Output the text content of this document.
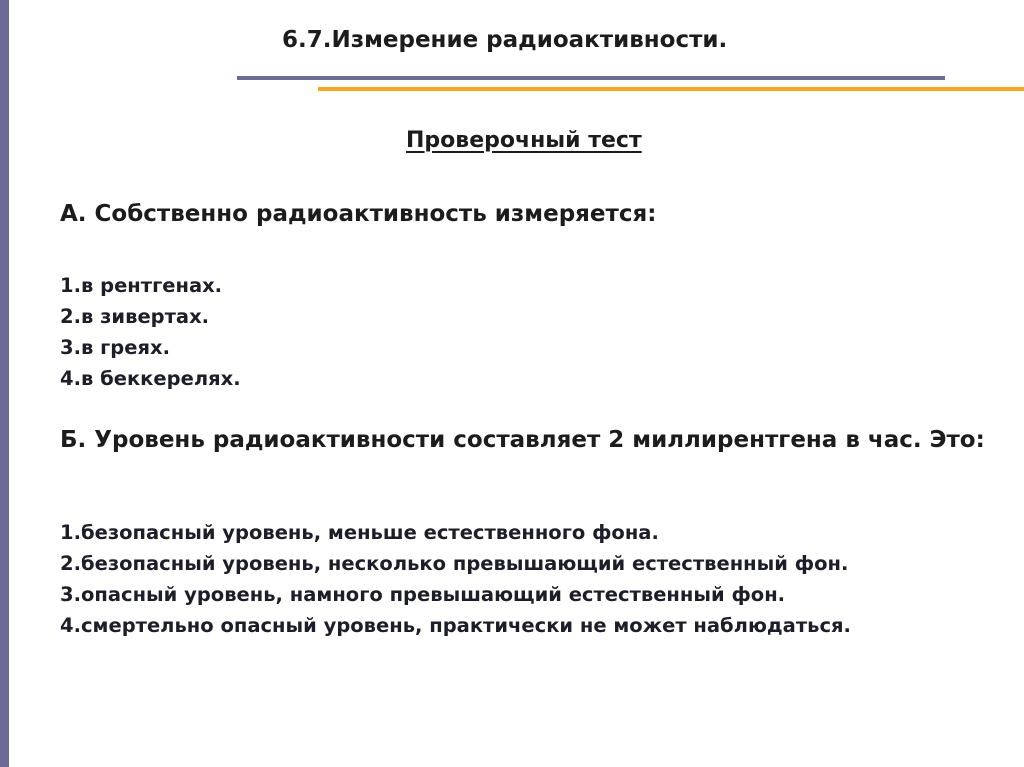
6.7.Измерение радиоактивности.
Проверочный тест
А. Собственно радиоактивность измеряется:
1.в рентгенах.
2.в зивертах.
3.в греях.
4.в беккерелях.
Б. Уровень радиоактивности составляет 2 миллирентгена в час. Это:
1.безопасный уровень, меньше естественного фона.
2.безопасный уровень, несколько превышающий естественный фон.
3.опасный уровень, намного превышающий естественный фон.
4.смертельно опасный уровень, практически не может наблюдаться.
